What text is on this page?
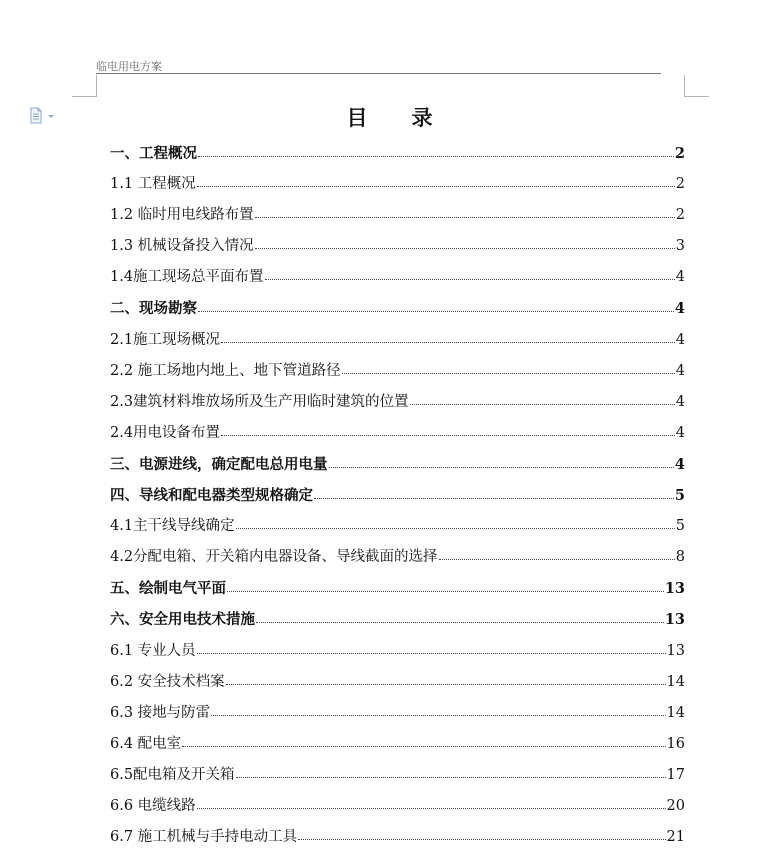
临电用电方案
目录
一、工程概况	2
1.1 工程概况	2
1.2 临时用电线路布置	2
1.3 机械设备投入情况	3
1.4施工现场总平面布置	4
二、现场勘察	4
2.1施工现场概况	4
2.2 施工场地内地上、地下管道路径	4
2.3建筑材料堆放场所及生产用临时建筑的位置	4
2.4用电设备布置	4
三、电源进线，确定配电总用电量	4
四、导线和配电器类型规格确定	5
4.1主干线导线确定	5
4.2分配电箱、开关箱内电器设备、导线截面的选择	8
五、绘制电气平面	13
六、安全用电技术措施	13
6.1 专业人员	13
6.2 安全技术档案	14
6.3 接地与防雷	14
6.4 配电室	16
6.5配电箱及开关箱	17
6.6 电缆线路	20
6.7 施工机械与手持电动工具	21
